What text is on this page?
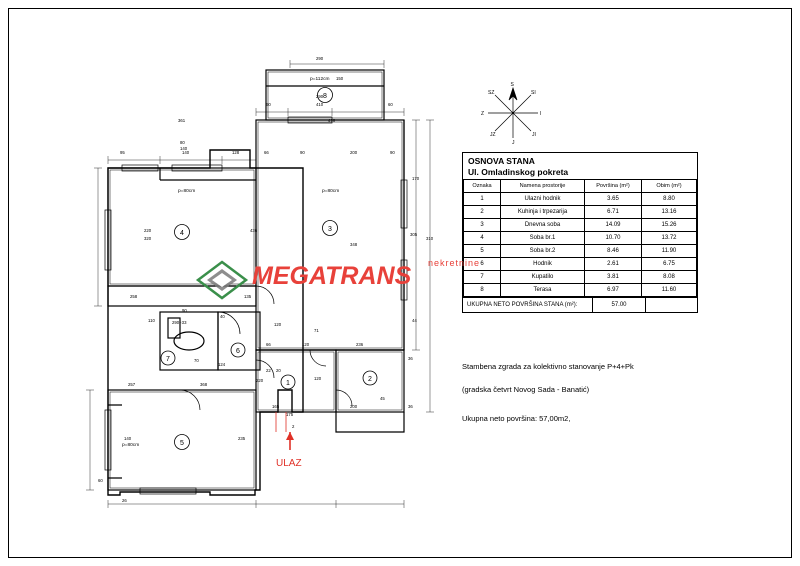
4
5
3
8
1
2
6
7
95	140	128	66	90	200	90
290
150
290
410
60	60
80
140
220
320
258	135
436
305
348
120
71
66	120	236
110
90
290+33
70
40
124
257	368
220
165	200
45
36
235
140
60
26
361	416
2
170
44
310
36
22 20
120
175
p=80cm	p=80cm
p=112cm
p=80cm
S
SI
I
JI
J
JZ
Z
SZ
OSNOVA STANA
Ul. Omladinskog pokreta
Oznaka	Namena prostorije	Površina (m²)	Obim (m²)
1	Ulazni hodnik	3.65	8.80
2	Kuhinja i trpezarija	6.71	13.16
3	Dnevna soba	14.09	15.26
4	Soba br.1	10.70	13.72
5	Soba br.2	8.46	11.90
6	Hodnik	2.61	6.75
7	Kupatilo	3.81	8.08
8	Terasa	6.97	11.60
UKUPNA NETO POVRŠINA STANA (m²):	57.00
Stambena zgrada za kolektivno stanovanje P+4+Pk
(gradska četvrt Novog Sada - Banatić)
Ukupna neto površina: 57,00m2,
MEGATRANS nekretnine
ULAZ
